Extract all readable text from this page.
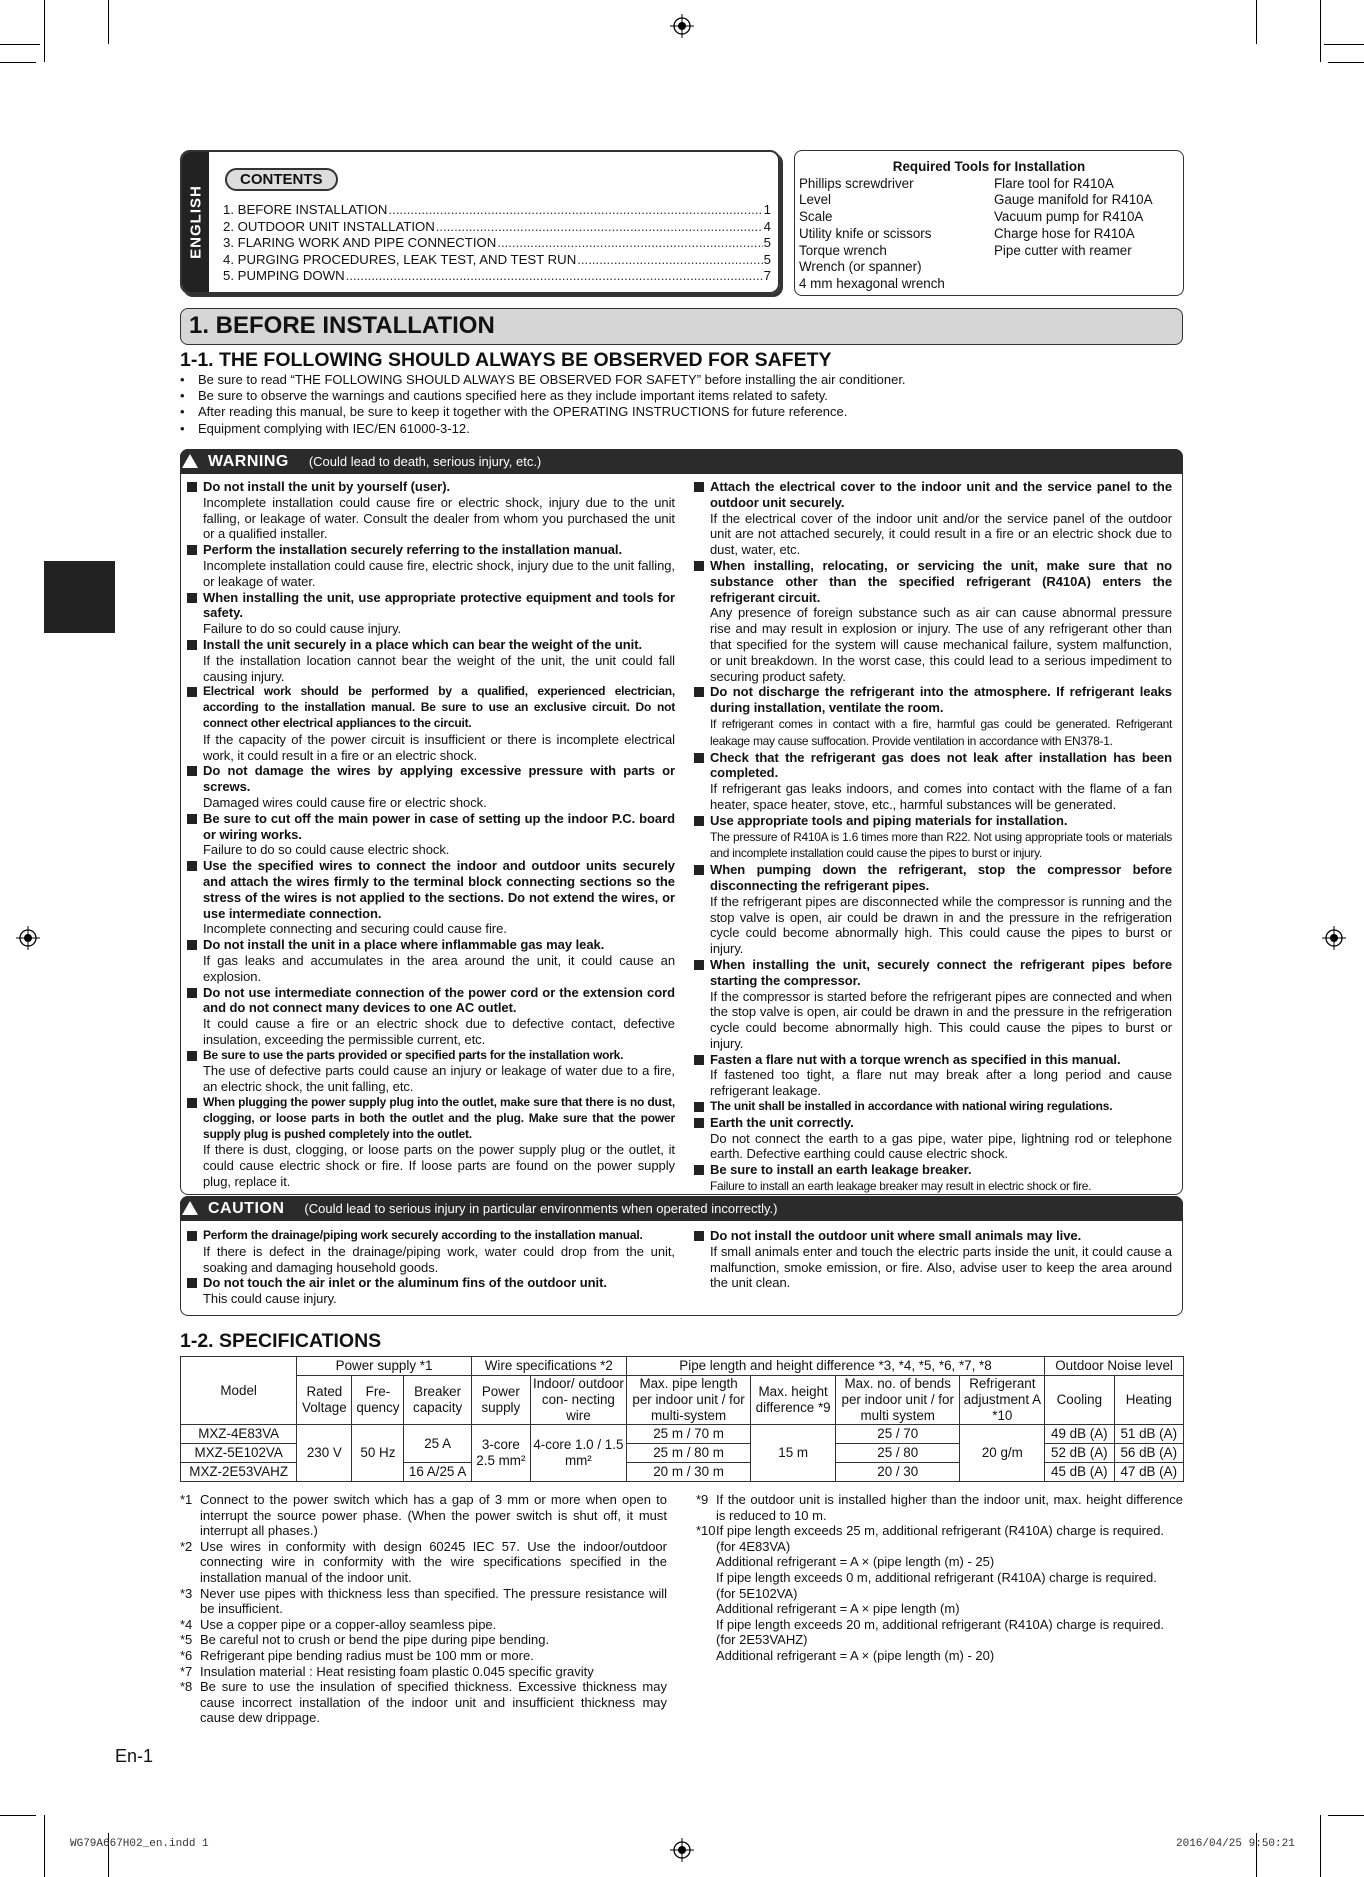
ENGLISH
CONTENTS
1. BEFORE INSTALLATION .....	1
2. OUTDOOR UNIT INSTALLATION .....	4
3. FLARING WORK AND PIPE CONNECTION .....	5
4. PURGING PROCEDURES, LEAK TEST, AND TEST RUN .....	5
5. PUMPING DOWN .....	7
Required Tools for Installation
Phillips screwdriver
Level
Scale
Utility knife or scissors
Torque wrench
Wrench (or spanner)
4 mm hexagonal wrench
Flare tool for R410A
Gauge manifold for R410A
Vacuum pump for R410A
Charge hose for R410A
Pipe cutter with reamer
1. BEFORE INSTALLATION
1-1. THE FOLLOWING SHOULD ALWAYS BE OBSERVED FOR SAFETY
• Be sure to read “THE FOLLOWING SHOULD ALWAYS BE OBSERVED FOR SAFETY” before installing the air conditioner.
• Be sure to observe the warnings and cautions specified here as they include important items related to safety.
• After reading this manual, be sure to keep it together with the OPERATING INSTRUCTIONS for future reference.
• Equipment complying with IEC/EN 61000-3-12.
WARNING (Could lead to death, serious injury, etc.)
Do not install the unit by yourself (user).
Incomplete installation could cause fire or electric shock, injury due to the unit falling, or leakage of water. Consult the dealer from whom you purchased the unit or a qualified installer.
Perform the installation securely referring to the installation manual.
Incomplete installation could cause fire, electric shock, injury due to the unit falling, or leakage of water.
When installing the unit, use appropriate protective equipment and tools for safety.
Failure to do so could cause injury.
Install the unit securely in a place which can bear the weight of the unit.
If the installation location cannot bear the weight of the unit, the unit could fall causing injury.
Electrical work should be performed by a qualified, experienced electrician, according to the installation manual. Be sure to use an exclusive circuit. Do not connect other electrical appliances to the circuit.
If the capacity of the power circuit is insufficient or there is incomplete electrical work, it could result in a fire or an electric shock.
Do not damage the wires by applying excessive pressure with parts or screws.
Damaged wires could cause fire or electric shock.
Be sure to cut off the main power in case of setting up the indoor P.C. board or wiring works.
Failure to do so could cause electric shock.
Use the specified wires to connect the indoor and outdoor units securely and attach the wires firmly to the terminal block connecting sections so the stress of the wires is not applied to the sections. Do not extend the wires, or use intermediate connection.
Incomplete connecting and securing could cause fire.
Do not install the unit in a place where inflammable gas may leak.
If gas leaks and accumulates in the area around the unit, it could cause an explosion.
Do not use intermediate connection of the power cord or the extension cord and do not connect many devices to one AC outlet.
It could cause a fire or an electric shock due to defective contact, defective insulation, exceeding the permissible current, etc.
Be sure to use the parts provided or specified parts for the installation work.
The use of defective parts could cause an injury or leakage of water due to a fire, an electric shock, the unit falling, etc.
When plugging the power supply plug into the outlet, make sure that there is no dust, clogging, or loose parts in both the outlet and the plug. Make sure that the power supply plug is pushed completely into the outlet.
If there is dust, clogging, or loose parts on the power supply plug or the outlet, it could cause electric shock or fire. If loose parts are found on the power supply plug, replace it.
Attach the electrical cover to the indoor unit and the service panel to the outdoor unit securely.
If the electrical cover of the indoor unit and/or the service panel of the outdoor unit are not attached securely, it could result in a fire or an electric shock due to dust, water, etc.
When installing, relocating, or servicing the unit, make sure that no substance other than the specified refrigerant (R410A) enters the refrigerant circuit.
Any presence of foreign substance such as air can cause abnormal pressure rise and may result in explosion or injury. The use of any refrigerant other than that specified for the system will cause mechanical failure, system malfunction, or unit breakdown. In the worst case, this could lead to a serious impediment to securing product safety.
Do not discharge the refrigerant into the atmosphere. If refrigerant leaks during installation, ventilate the room.
If refrigerant comes in contact with a fire, harmful gas could be generated. Refrigerant leakage may cause suffocation. Provide ventilation in accordance with EN378-1.
Check that the refrigerant gas does not leak after installation has been completed.
If refrigerant gas leaks indoors, and comes into contact with the flame of a fan heater, space heater, stove, etc., harmful substances will be generated.
Use appropriate tools and piping materials for installation.
The pressure of R410A is 1.6 times more than R22. Not using appropriate tools or materials and incomplete installation could cause the pipes to burst or injury.
When pumping down the refrigerant, stop the compressor before disconnecting the refrigerant pipes.
If the refrigerant pipes are disconnected while the compressor is running and the stop valve is open, air could be drawn in and the pressure in the refrigeration cycle could become abnormally high. This could cause the pipes to burst or injury.
When installing the unit, securely connect the refrigerant pipes before starting the compressor.
If the compressor is started before the refrigerant pipes are connected and when the stop valve is open, air could be drawn in and the pressure in the refrigeration cycle could become abnormally high. This could cause the pipes to burst or injury.
Fasten a flare nut with a torque wrench as specified in this manual.
If fastened too tight, a flare nut may break after a long period and cause refrigerant leakage.
The unit shall be installed in accordance with national wiring regulations.
Earth the unit correctly.
Do not connect the earth to a gas pipe, water pipe, lightning rod or telephone earth. Defective earthing could cause electric shock.
Be sure to install an earth leakage breaker.
Failure to install an earth leakage breaker may result in electric shock or fire.
CAUTION (Could lead to serious injury in particular environments when operated incorrectly.)
Perform the drainage/piping work securely according to the installation manual.
If there is defect in the drainage/piping work, water could drop from the unit, soaking and damaging household goods.
Do not touch the air inlet or the aluminum fins of the outdoor unit.
This could cause injury.
Do not install the outdoor unit where small animals may live.
If small animals enter and touch the electric parts inside the unit, it could cause a malfunction, smoke emission, or fire. Also, advise user to keep the area around the unit clean.
1-2. SPECIFICATIONS
Model	Power supply *1			Wire specifications *2		Pipe length and height difference *3, *4, *5, *6, *7, *8				Outdoor Noise level	
	Rated Voltage	Fre- quency	Breaker capacity	Power supply	Indoor/ outdoor con- necting wire	Max. pipe length per indoor unit / for multi-system	Max. height difference *9	Max. no. of bends per indoor unit / for multi system	Refrigerant adjustment A *10	Cooling	Heating
MXZ-4E83VA	230 V	50 Hz	25 A	3-core 2.5 mm²	4-core 1.0 / 1.5 mm²	25 m / 70 m	15 m	25 / 70	20 g/m	49 dB (A)	51 dB (A)
MXZ-5E102VA						25 m / 80 m		25 / 80		52 dB (A)	56 dB (A)
MXZ-2E53VAHZ			16 A/25 A			20 m / 30 m		20 / 30		45 dB (A)	47 dB (A)
*1 Connect to the power switch which has a gap of 3 mm or more when open to interrupt the source power phase. (When the power switch is shut off, it must interrupt all phases.)
*2 Use wires in conformity with design 60245 IEC 57. Use the indoor/outdoor connecting wire in conformity with the wire specifications specified in the installation manual of the indoor unit.
*3 Never use pipes with thickness less than specified. The pressure resistance will be insufficient.
*4 Use a copper pipe or a copper-alloy seamless pipe.
*5 Be careful not to crush or bend the pipe during pipe bending.
*6 Refrigerant pipe bending radius must be 100 mm or more.
*7 Insulation material : Heat resisting foam plastic 0.045 specific gravity
*8 Be sure to use the insulation of specified thickness. Excessive thickness may cause incorrect installation of the indoor unit and insufficient thickness may cause dew drippage.
*9 If the outdoor unit is installed higher than the indoor unit, max. height difference is reduced to 10 m.
*10 If pipe length exceeds 25 m, additional refrigerant (R410A) charge is required.
(for 4E83VA)
Additional refrigerant = A × (pipe length (m) - 25)
If pipe length exceeds 0 m, additional refrigerant (R410A) charge is required.
(for 5E102VA)
Additional refrigerant = A × pipe length (m)
If pipe length exceeds 20 m, additional refrigerant (R410A) charge is required.
(for 2E53VAHZ)
Additional refrigerant = A × (pipe length (m) - 20)
En-1
WG79A667H02_en.indd 1	2016/04/25 9:50:21
